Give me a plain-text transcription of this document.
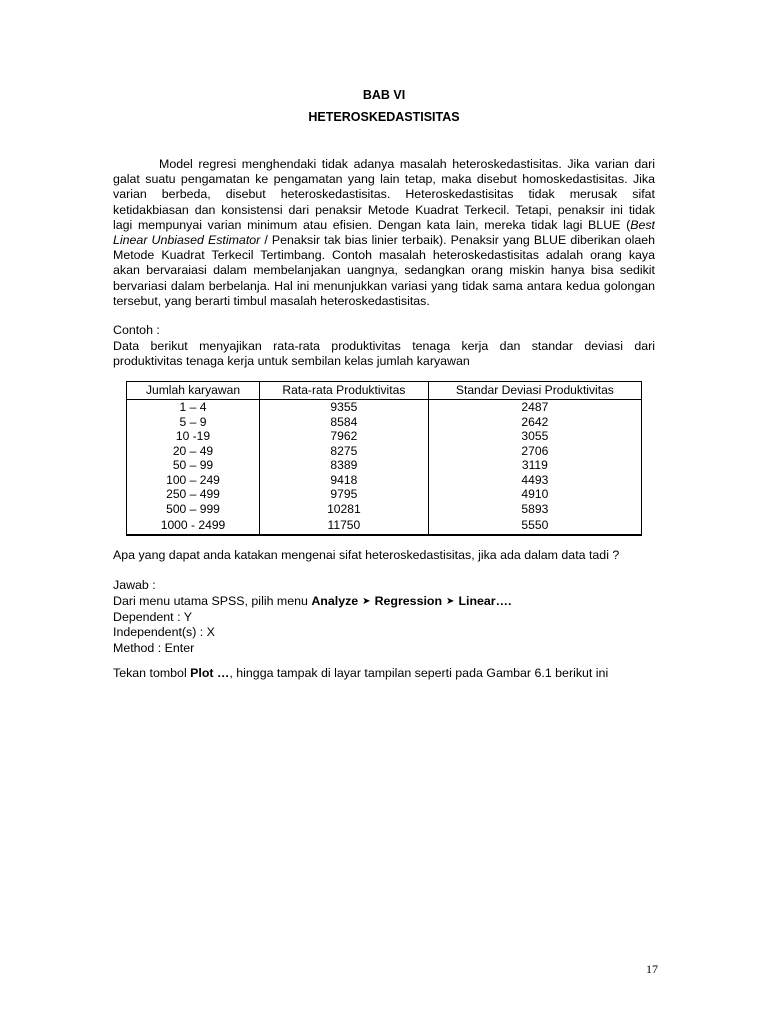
BAB VI
HETEROSKEDASTISITAS
Model regresi menghendaki tidak adanya masalah heteroskedastisitas. Jika varian dari
galat suatu pengamatan ke pengamatan yang lain tetap, maka disebut homoskedastisitas. Jika
varian berbeda, disebut heteroskedastisitas. Heteroskedastisitas tidak merusak sifat
ketidakbiasan dan konsistensi dari penaksir Metode Kuadrat Terkecil. Tetapi, penaksir ini tidak
lagi mempunyai varian minimum atau efisien. Dengan kata lain, mereka tidak lagi BLUE (Best
Linear Unbiased Estimator / Penaksir tak bias linier terbaik). Penaksir yang BLUE diberikan olaeh
Metode Kuadrat Terkecil Tertimbang. Contoh masalah heteroskedastisitas adalah orang kaya
akan bervaraiasi dalam membelanjakan uangnya, sedangkan orang miskin hanya bisa sedikit
bervariasi dalam berbelanja. Hal ini menunjukkan variasi yang tidak sama antara kedua golongan
tersebut, yang berarti timbul masalah heteroskedastisitas.
Contoh :
Data berikut menyajikan rata-rata produktivitas tenaga kerja dan standar deviasi dari
produktivitas tenaga kerja untuk sembilan kelas jumlah karyawan
Jumlah karyawan	Rata-rata Produktivitas	Standar Deviasi Produktivitas
1 – 4	9355	2487
5 – 9	8584	2642
10 -19	7962	3055
20 – 49	8275	2706
50 – 99	8389	3119
100 – 249	9418	4493
250 – 499	9795	4910
500 – 999	10281	5893
1000 - 2499	11750	5550
Apa yang dapat anda katakan mengenai sifat heteroskedastisitas, jika ada dalam data tadi ?
Jawab :
Dari menu utama SPSS, pilih menu Analyze ➤ Regression ➤ Linear….
Dependent : Y
Independent(s) : X
Method : Enter
Tekan tombol Plot …, hingga tampak di layar tampilan seperti pada Gambar 6.1 berikut ini
17
